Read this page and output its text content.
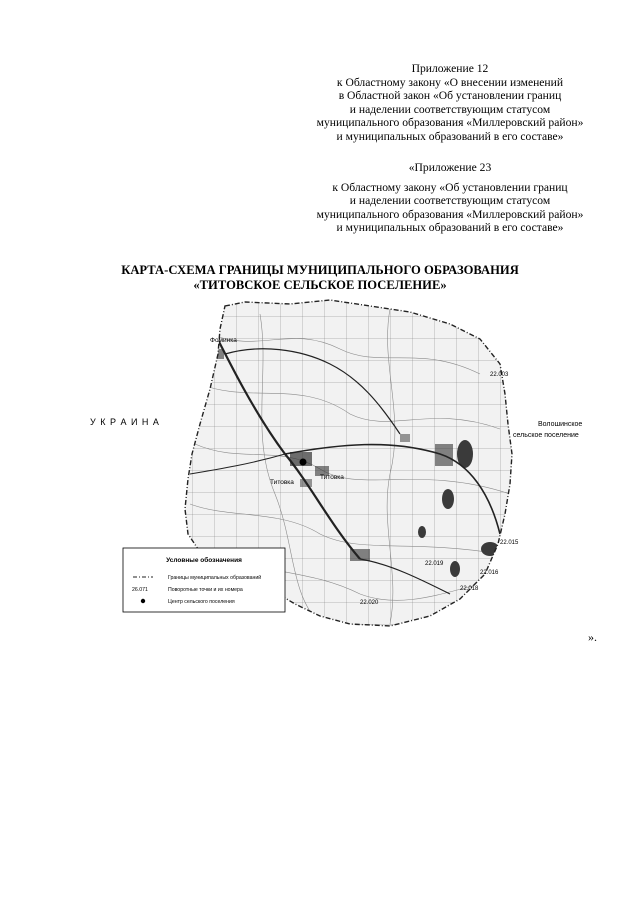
Приложение 12

к Областному закону «О внесении изменений

в Областной закон «Об установлении границ

и наделении соответствующим статусом

муниципального образования «Миллеровский район»

и муниципальных образований в его составе»

«Приложение 23

к Областному закону «Об установлении границ

и наделении соответствующим статусом

муниципального образования «Миллеровский район»

и муниципальных образований в его составе»

КАРТА-СХЕМА ГРАНИЦЫ МУНИЦИПАЛЬНОГО ОБРАЗОВАНИЯ

«ТИТОВСКОЕ СЕЛЬСКОЕ ПОСЕЛЕНИЕ»

У К Р А И Н А	Волошинское
сельское поселение
Фоминка
Титовка
Титовка
22.019
22.018
22.016
22.015
22.020
22.003
Условные обозначения
Границы муниципальных образований
26.071	Поворотные точки и их номера
Центр сельского поселения
».
